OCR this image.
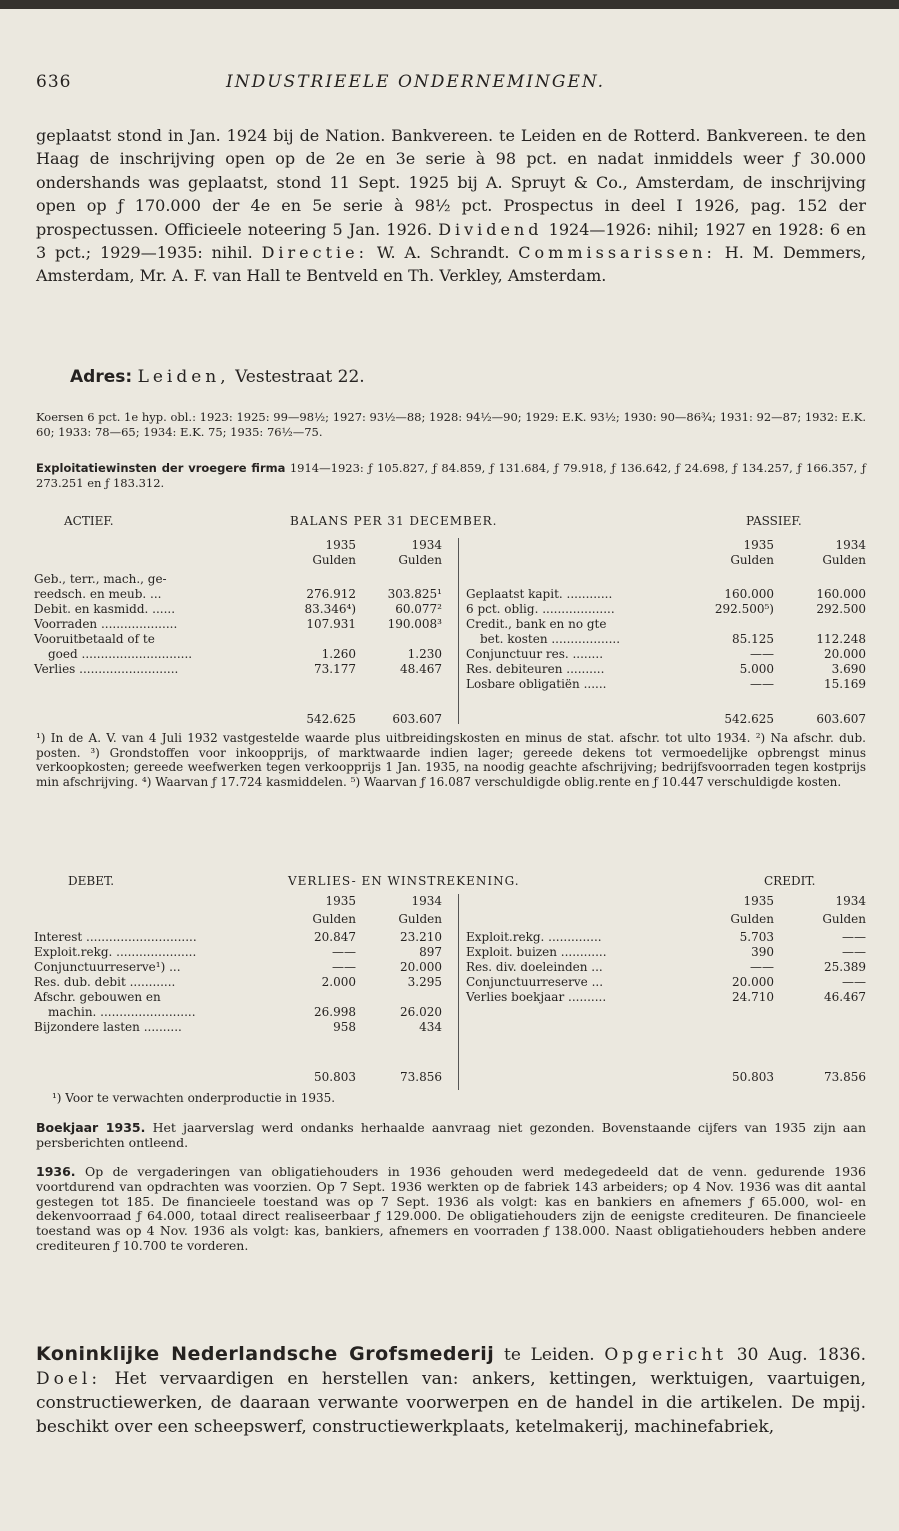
636	INDUSTRIEELE ONDERNEMINGEN.
geplaatst stond in Jan. 1924 bij de Nation. Bankvereen. te Leiden en de Rotterd. Bankvereen. te den Haag de inschrijving open op de 2e en 3e serie à 98 pct. en nadat inmiddels weer ƒ 30.000 ondershands was geplaatst, stond 11 Sept. 1925 bij A. Spruyt & Co., Amsterdam, de inschrijving open op ƒ 170.000 der 4e en 5e serie à 98½ pct. Prospectus in deel I 1926, pag. 152 der prospectussen. Officieele noteering 5 Jan. 1926. Dividend 1924—1926: nihil; 1927 en 1928: 6 en 3 pct.; 1929—1935: nihil. Directie: W. A. Schrandt. Commissarissen: H. M. Demmers, Amsterdam, Mr. A. F. van Hall te Bentveld en Th. Verkley, Amsterdam.
Adres: Leiden, Vestestraat 22.
Koersen 6 pct. 1e hyp. obl.: 1923: 1925: 99—98½; 1927: 93½—88; 1928: 94½—90; 1929: E.K. 93½; 1930: 90—86¾; 1931: 92—87; 1932: E.K. 60; 1933: 78—65; 1934: E.K. 75; 1935: 76½—75.
Exploitatiewinsten der vroegere firma 1914—1923: ƒ 105.827, ƒ 84.859, ƒ 131.684, ƒ 79.918, ƒ 136.642, ƒ 24.698, ƒ 134.257, ƒ 166.357, ƒ 273.251 en ƒ 183.312.
ACTIEF.	BALANS PER 31 DECEMBER.	PASSIEF.
1935	1934
Gulden	Gulden
1935	1934
Gulden	Gulden
Geb., terr., mach., ge-
reedsch. en meub. ...	276.912	303.825¹
Debit. en kasmidd. ......	83.346⁴)	60.077²
Voorraden ....................	107.931	190.008³
Vooruitbetaald of te
goed .............................	1.260	1.230
Verlies ..........................	73.177	48.467
Geplaatst kapit. ............	160.000	160.000
6 pct. oblig. ...................	292.500⁵)	292.500
Credit., bank en no gte
bet. kosten ..................	85.125	112.248
Conjunctuur res. ........	——	20.000
Res. debiteuren ..........	5.000	3.690
Losbare obligatiën ......	——	15.169
542.625	603.607	542.625	603.607
¹) In de A. V. van 4 Juli 1932 vastgestelde waarde plus uitbreidingskosten en minus de stat. afschr. tot ulto 1934. ²) Na afschr. dub. posten. ³) Grondstoffen voor inkoopprijs, of marktwaarde indien lager; gereede dekens tot vermoedelijke opbrengst minus verkoopkosten; gereede weefwerken tegen verkoopprijs 1 Jan. 1935, na noodig geachte afschrijving; bedrijfsvoorraden tegen kostprijs min afschrijving. ⁴) Waarvan ƒ 17.724 kasmiddelen. ⁵) Waarvan ƒ 16.087 verschuldigde oblig.rente en ƒ 10.447 verschuldigde kosten.
DEBET.	VERLIES- EN WINSTREKENING.	CREDIT.
1935	1934
Gulden	Gulden
1935	1934
Gulden	Gulden
Interest .............................	20.847	23.210
Exploit.rekg. .....................	——	897
Conjunctuurreserve¹) ...	——	20.000
Res. dub. debit ............	2.000	3.295
Afschr. gebouwen en
machin. .........................	26.998	26.020
Bijzondere lasten ..........	958	434
Exploit.rekg. ..............	5.703	——
Exploit. buizen ............	390	——
Res. div. doeleinden ...	——	25.389
Conjunctuurreserve ...	20.000	——
Verlies boekjaar ..........	24.710	46.467
50.803	73.856	50.803	73.856
¹) Voor te verwachten onderproductie in 1935.
Boekjaar 1935. Het jaarverslag werd ondanks herhaalde aanvraag niet gezonden. Bovenstaande cijfers van 1935 zijn aan persberichten ontleend.
1936. Op de vergaderingen van obligatiehouders in 1936 gehouden werd medegedeeld dat de venn. gedurende 1936 voortdurend van opdrachten was voorzien. Op 7 Sept. 1936 werkten op de fabriek 143 arbeiders; op 4 Nov. 1936 was dit aantal gestegen tot 185. De financieele toestand was op 7 Sept. 1936 als volgt: kas en bankiers en afnemers ƒ 65.000, wol- en dekenvoorraad ƒ 64.000, totaal direct realiseerbaar ƒ 129.000. De obligatiehouders zijn de eenigste crediteuren. De financieele toestand was op 4 Nov. 1936 als volgt: kas, bankiers, afnemers en voorraden ƒ 138.000. Naast obligatiehouders hebben andere crediteuren ƒ 10.700 te vorderen.
Koninklijke Nederlandsche Grofsmederij te Leiden. Opgericht 30 Aug. 1836. Doel: Het vervaardigen en herstellen van: ankers, kettingen, werktuigen, vaartuigen, constructiewerken, de daaraan verwante voorwerpen en de handel in die artikelen. De mpij. beschikt over een scheepswerf, constructiewerkplaats, ketelmakerij, machinefabriek,
